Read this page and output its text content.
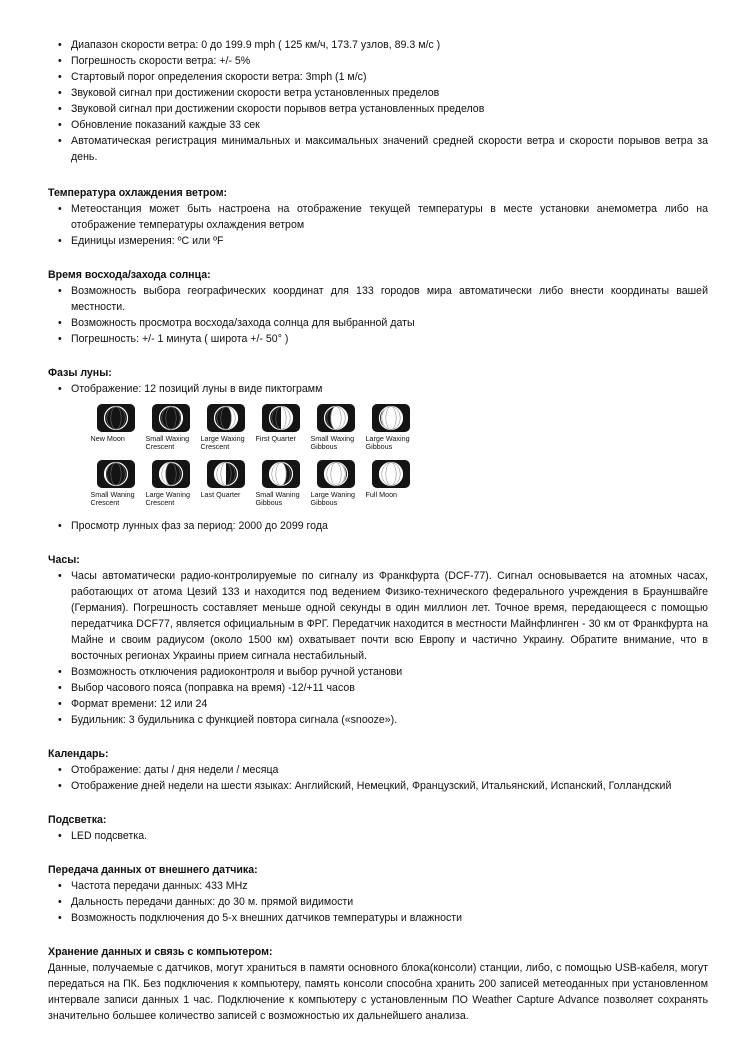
• Диапазон скорости ветра: 0 до 199.9 mph ( 125 км/ч, 173.7 узлов, 89.3 м/с )
• Погрешность скорости ветра: +/- 5%
• Стартовый порог определения скорости ветра: 3mph (1 м/с)
• Звуковой сигнал при достижении скорости ветра установленных пределов
• Звуковой сигнал при достижении скорости порывов ветра установленных пределов
• Обновление показаний каждые 33 сек
• Автоматическая регистрация минимальных и максимальных значений средней скорости ветра и скорости порывов ветра за день.
Температура охлаждения ветром:
• Метеостанция может быть настроена на отображение текущей температуры в месте установки анемометра либо на отображение температуры охлаждения ветром
• Единицы измерения: ºC или ºF
Время восхода/захода солнца:
• Возможность выбора географических координат для 133 городов мира автоматически либо внести координаты вашей местности.
• Возможность просмотра восхода/захода солнца для выбранной даты
• Погрешность: +/- 1 минута ( широта +/- 50° )
Фазы луны:
• Отображение: 12 позиций луны в виде пиктограмм
New Moon	Small Waxing Crescent
Large Waxing Crescent
First Quarter	Small Waxing Gibbous
Large Waxing Gibbous
Small Waning Crescent
Large Waning Crescent
Last Quarter	Small Waning Gibbous
Large Waning Gibbous
Full Moon
• Просмотр лунных фаз за период: 2000 до 2099 года
Часы:
• Часы автоматически радио-контролируемые по сигналу из Франкфурта (DCF-77). Сигнал основывается на атомных часах, работающих от атома Цезий 133 и находится под ведением Физико-технического федерального учреждения в Брауншвайге (Германия). Погрешность составляет меньше одной секунды в один миллион лет. Точное время, передающееся с помощью передатчика DCF77, является официальным в ФРГ. Передатчик находится в местности Майнфлинген - 30 км от Франкфурта на Майне и своим радиусом (около 1500 км) охватывает почти всю Европу и частично Украину. Обратите внимание, что в восточных регионах Украины прием сигнала нестабильный.
• Возможность отключения радиоконтроля и выбор ручной установи
• Выбор часового пояса (поправка на время) -12/+11 часов
• Формат времени: 12 или 24
• Будильник: 3 будильника с функцией повтора сигнала («snooze»).
Календарь:
• Отображение: даты / дня недели / месяца
• Отображение дней недели на шести языках: Английский, Немецкий, Французский, Итальянский, Испанский, Голландский
Подсветка:
• LED подсветка.
Передача данных от внешнего датчика:
• Частота передачи данных: 433 MHz
• Дальность передачи данных: до 30 м. прямой видимости
• Возможность подключения до 5-х внешних датчиков температуры и влажности
Хранение данных и связь с компьютером:
Данные, получаемые с датчиков, могут храниться в памяти основного блока(консоли) станции, либо, с помощью USB-кабеля, могут передаться на ПК. Без подключения к компьютеру, память консоли способна хранить 200 записей метеоданных при установленном интервале записи данных 1 час. Подключение к компьютеру с установленным ПО Weather Capture Advance позволяет сохранять значительно большее количество записей с возможностью их дальнейшего анализа.
